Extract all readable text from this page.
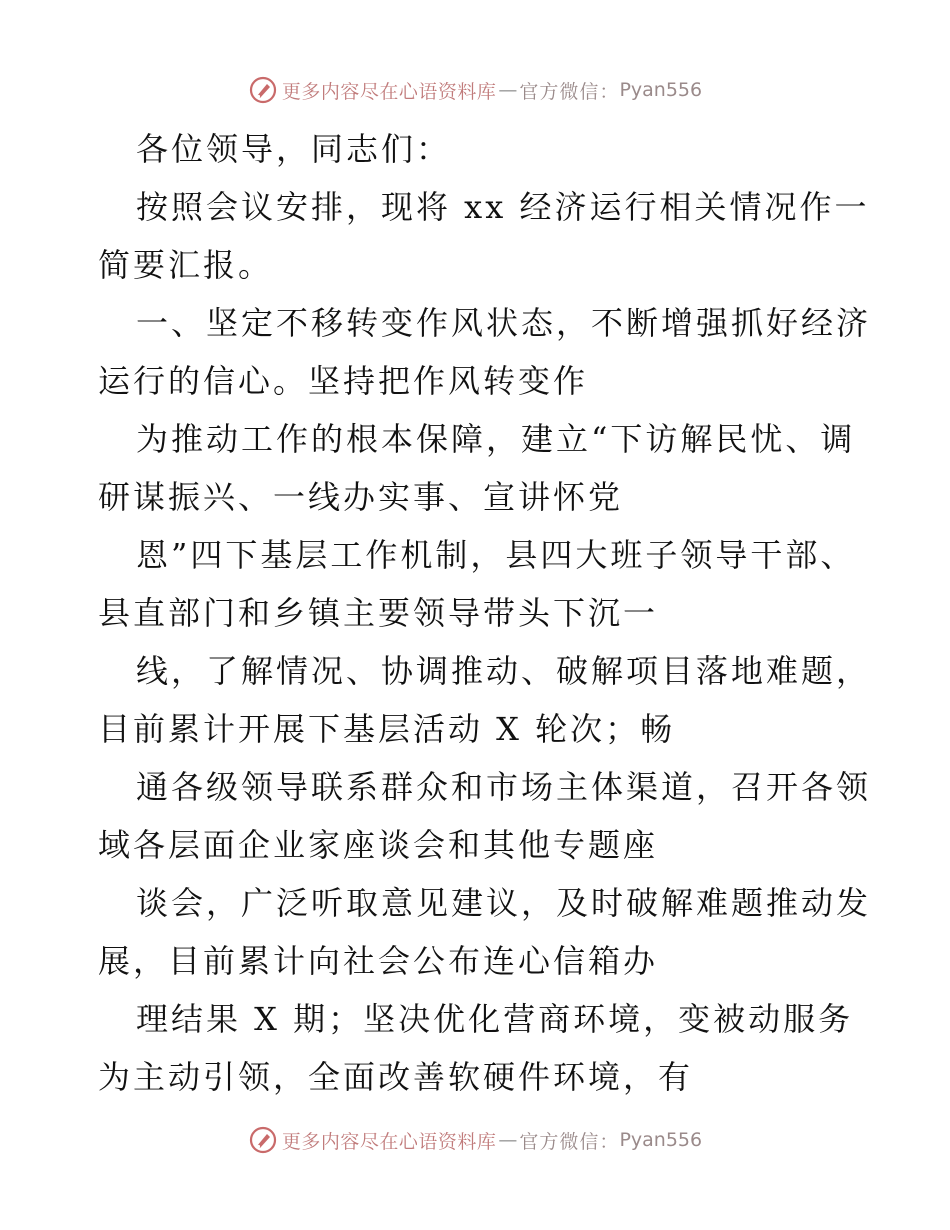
更多内容尽在心语资料库 — 官方微信： Pyan556
各位领导，同志们：
按照会议安排，现将 xx 经济运行相关情况作一
简要汇报。
一、坚定不移转变作风状态，不断增强抓好经济
运行的信心。坚持把作风转变作
为推动工作的根本保障，建立“下访解民忧、调
研谋振兴、一线办实事、宣讲怀党
恩”四下基层工作机制，县四大班子领导干部、
县直部门和乡镇主要领导带头下沉一
线，了解情况、协调推动、破解项目落地难题，
目前累计开展下基层活动 X 轮次；畅
通各级领导联系群众和市场主体渠道，召开各领
域各层面企业家座谈会和其他专题座
谈会，广泛听取意见建议，及时破解难题推动发
展，目前累计向社会公布连心信箱办
理结果 X 期；坚决优化营商环境，变被动服务
为主动引领，全面改善软硬件环境，有
更多内容尽在心语资料库 — 官方微信： Pyan556
